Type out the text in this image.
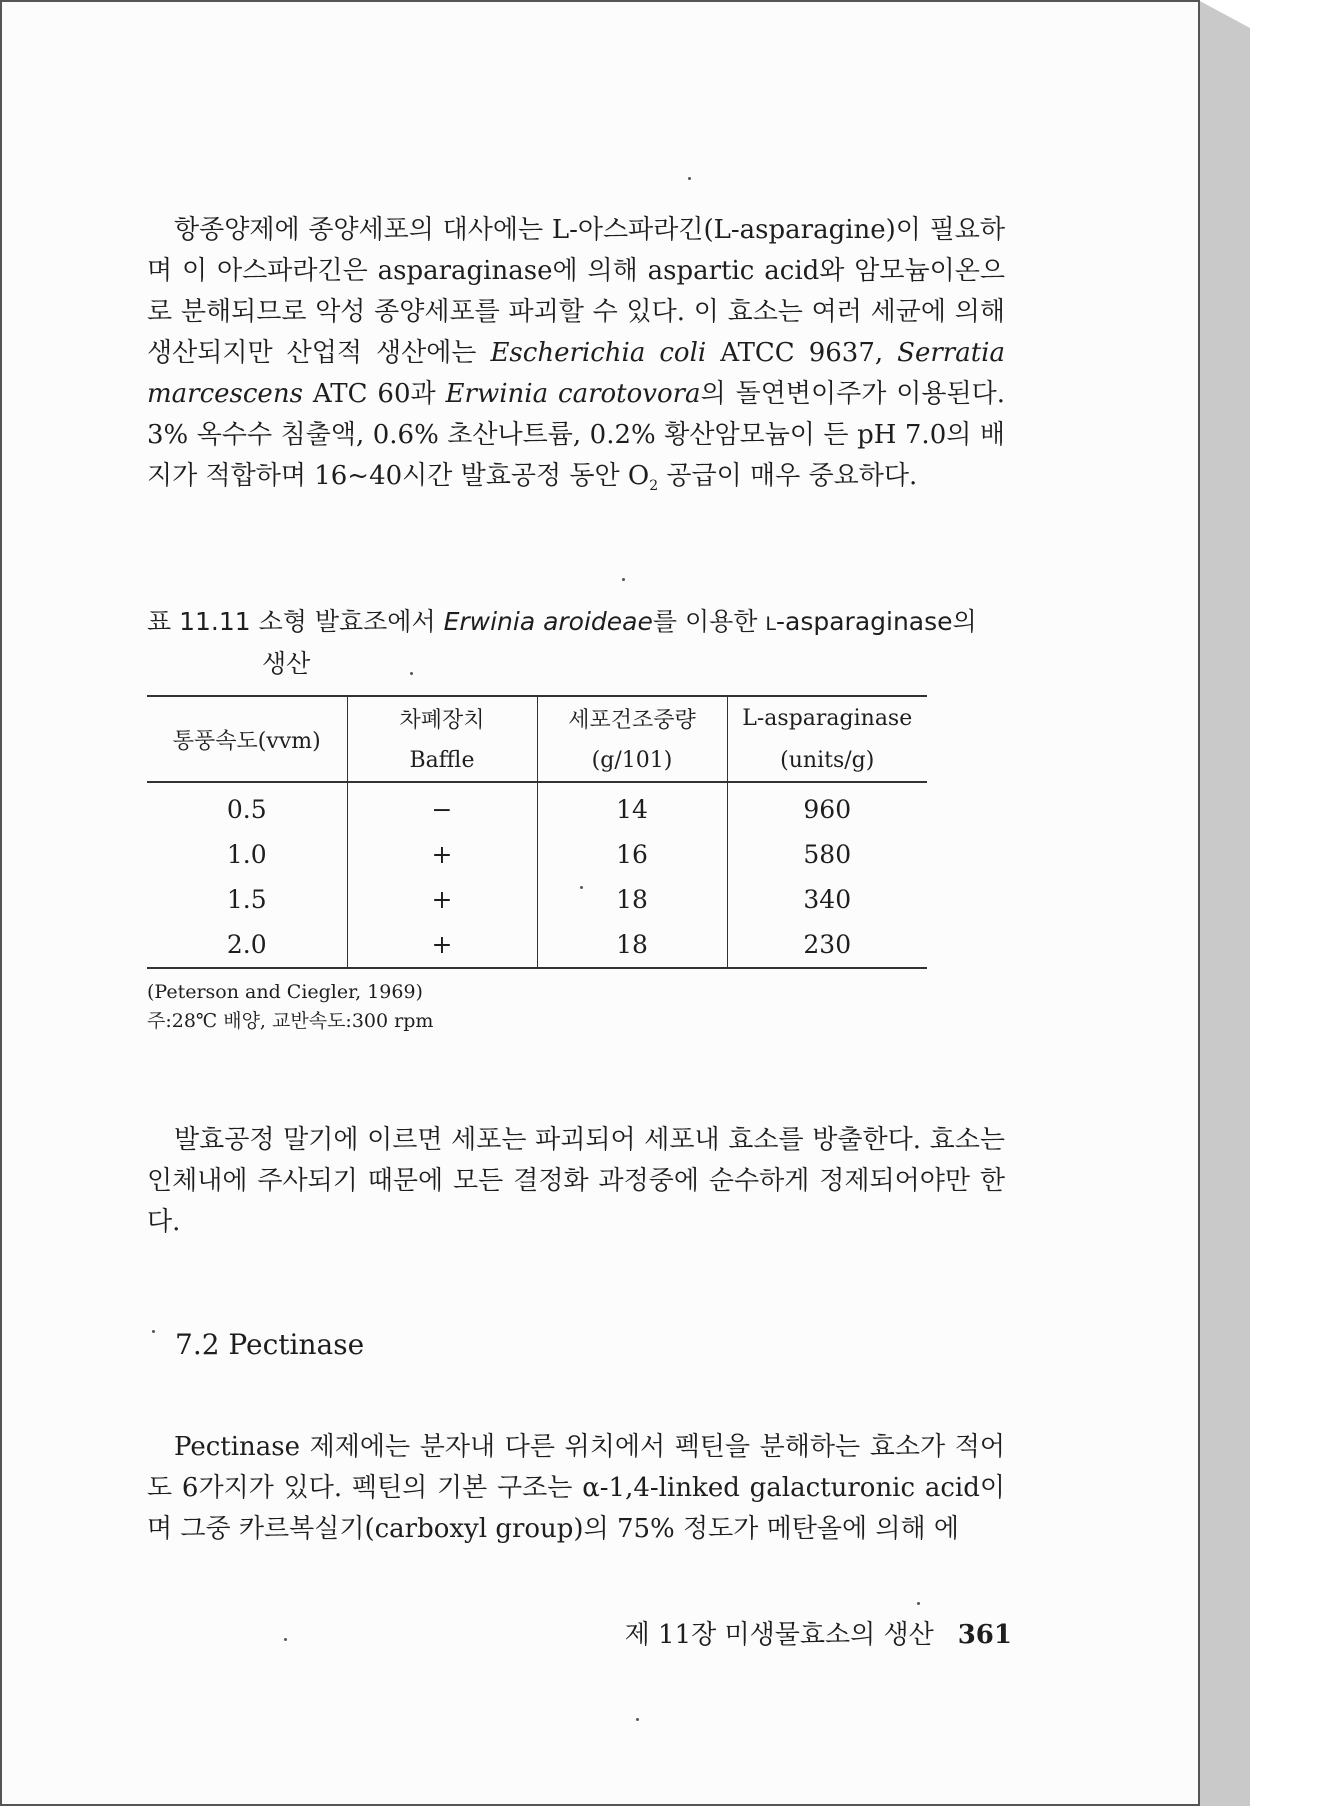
항종양제에 종양세포의 대사에는 L-아스파라긴(L-asparagine)이 필요하며 이 아스파라긴은 asparaginase에 의해 aspartic acid와 암모늄이온으로 분해되므로 악성 종양세포를 파괴할 수 있다. 이 효소는 여러 세균에 의해 생산되지만 산업적 생산에는 Escherichia coli ATCC 9637, Serratia marcescens ATC 60과 Erwinia carotovora의 돌연변이주가 이용된다. 3% 옥수수 침출액, 0.6% 초산나트륨, 0.2% 황산암모늄이 든 pH 7.0의 배지가 적합하며 16~40시간 발효공정 동안 $O_2$ 공급이 매우 중요하다.
표 11.11 소형 발효조에서 Erwinia aroideae를 이용한 L-asparaginase의
생산
통풍속도(vvm)	차폐장치	세포건조중량	L-asparaginase
	Baffle	(g/101)	(units/g)
0.5	−	14	960
1.0	+	16	580
1.5	+	18	340
2.0	+	18	230
(Peterson and Ciegler, 1969)
주:28℃ 배양, 교반속도:300 rpm
발효공정 말기에 이르면 세포는 파괴되어 세포내 효소를 방출한다. 효소는 인체내에 주사되기 때문에 모든 결정화 과정중에 순수하게 정제되어야만 한다.
7.2 Pectinase
Pectinase 제제에는 분자내 다른 위치에서 펙틴을 분해하는 효소가 적어도 6가지가 있다. 펙틴의 기본 구조는 α-1,4-linked galacturonic acid이며 그중 카르복실기(carboxyl group)의 75% 정도가 메탄올에 의해 에
제 11장 미생물효소의 생산 361
